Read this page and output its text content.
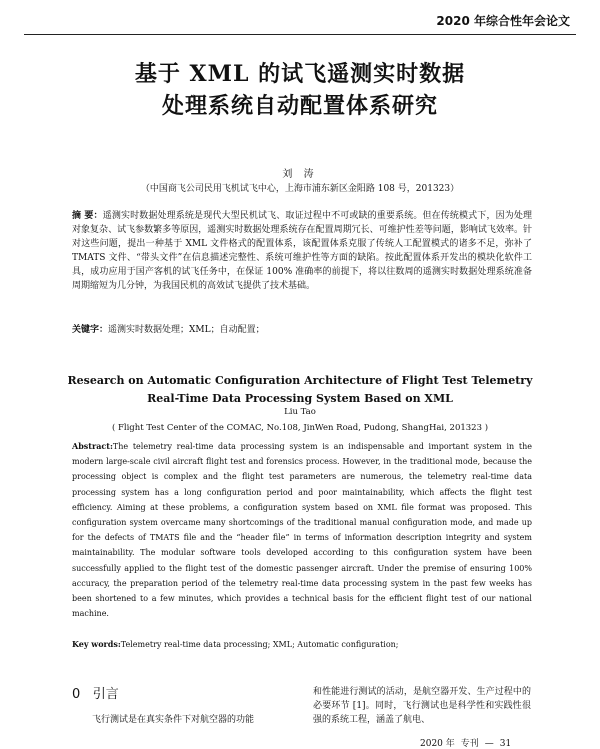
2020 年综合性年会论文
基于 XML 的试飞遥测实时数据
处理系统自动配置体系研究
刘 涛
（中国商飞公司民用飞机试飞中心，上海市浦东新区金阳路 108 号，201323）
摘 要：遥测实时数据处理系统是现代大型民机试飞、取证过程中不可或缺的重要系统。但在传统模式下，因为处理对象复杂、试飞参数繁多等原因，遥测实时数据处理系统存在配置周期冗长、可维护性差等问题，影响试飞效率。针对这些问题，提出一种基于 XML 文件格式的配置体系，该配置体系克服了传统人工配置模式的诸多不足，弥补了 TMATS 文件、“带头文件”在信息描述完整性、系统可维护性等方面的缺陷。按此配置体系开发出的模块化软件工具，成功应用于国产客机的试飞任务中，在保证 100% 准确率的前提下，将以往数周的遥测实时数据处理系统准备周期缩短为几分钟，为我国民机的高效试飞提供了技术基础。
关键字：遥测实时数据处理；XML；自动配置；
Research on Automatic Configuration Architecture of Flight Test Telemetry
Real-Time Data Processing System Based on XML
Liu Tao
( Flight Test Center of the COMAC, No.108, JinWen Road, Pudong, ShangHai, 201323 )
Abstract:The telemetry real-time data processing system is an indispensable and important system in the modern large-scale civil aircraft flight test and forensics process. However, in the traditional mode, because the processing object is complex and the flight test parameters are numerous, the telemetry real-time data processing system has a long configuration period and poor maintainability, which affects the flight test efficiency. Aiming at these problems, a configuration system based on XML file format was proposed. This configuration system overcame many shortcomings of the traditional manual configuration mode, and made up for the defects of TMATS file and the “header file” in terms of information description integrity and system maintainability. The modular software tools developed according to this configuration system have been successfully applied to the flight test of the domestic passenger aircraft. Under the premise of ensuring 100% accuracy, the preparation period of the telemetry real-time data processing system in the past few weeks has been shortened to a few minutes, which provides a technical basis for the efficient flight test of our national machine.
Key words:Telemetry real-time data processing; XML; Automatic configuration;
0 引言
飞行测试是在真实条件下对航空器的功能
和性能进行测试的活动，是航空器开发、生产过程中的必要环节 [1]。同时，飞行测试也是科学性和实践性很强的系统工程，涵盖了航电、
2020 年 专刊 — 31
